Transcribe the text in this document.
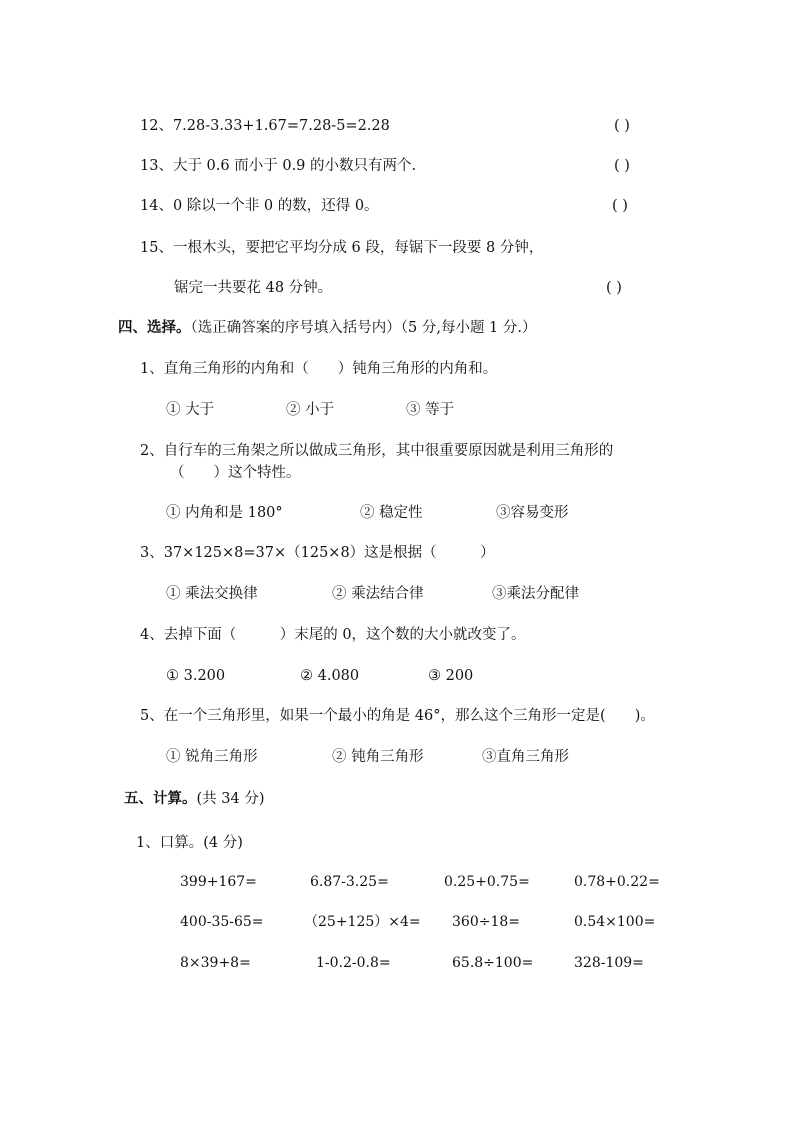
12、7.28-3.33+1.67=7.28-5=2.28	( )
13、大于 0.6 而小于 0.9 的小数只有两个.	( )
14、0 除以一个非 0 的数，还得 0。	( )
15、一根木头，要把它平均分成 6 段，每锯下一段要 8 分钟，
锯完一共要花 48 分钟。	( )
四、选择。（选正确答案的序号填入括号内）（5 分,每小题 1 分.）
1、直角三角形的内角和（　　）钝角三角形的内角和。
① 大于	② 小于	③ 等于
2、自行车的三角架之所以做成三角形，其中很重要原因就是利用三角形的
（　　）这个特性。
① 内角和是 180°	② 稳定性	③容易变形
3、37×125×8=37×（125×8）这是根据（　　　）
① 乘法交换律	② 乘法结合律	③乘法分配律
4、去掉下面（　　　）末尾的 0，这个数的大小就改变了。
① 3.200	② 4.080	③ 200
5、在一个三角形里，如果一个最小的角是 46°，那么这个三角形一定是(　　)。
① 锐角三角形	② 钝角三角形	③直角三角形
五、计算。(共 34 分)
1、口算。(4 分)
399+167=	6.87-3.25=	0.25+0.75=	0.78+0.22=
400-35-65=	（25+125）×4= 360÷18=	0.54×100=
8×39+8=	1-0.2-0.8=	65.8÷100=	328-109=
